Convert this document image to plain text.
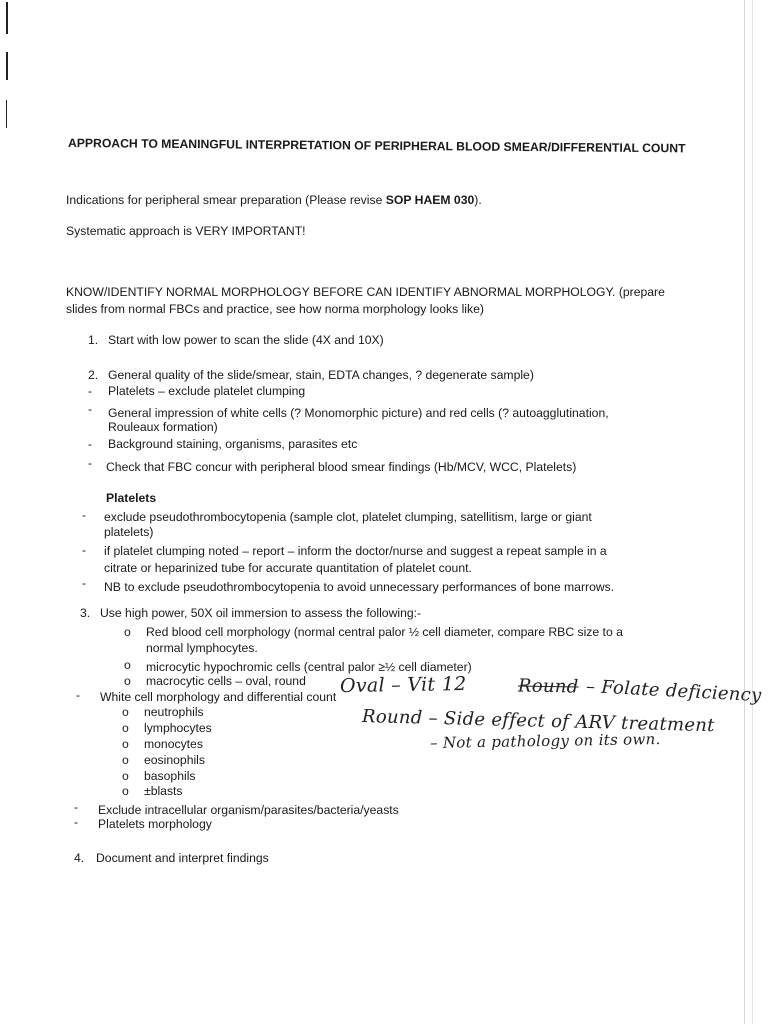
APPROACH TO MEANINGFUL INTERPRETATION OF PERIPHERAL BLOOD SMEAR/DIFFERENTIAL COUNT
Indications for peripheral smear preparation (Please revise SOP HAEM 030).
Systematic approach is VERY IMPORTANT!
KNOW/IDENTIFY NORMAL MORPHOLOGY BEFORE CAN IDENTIFY ABNORMAL MORPHOLOGY. (prepare
slides from normal FBCs and practice, see how norma morphology looks like)
1. Start with low power to scan the slide (4X and 10X)
2. General quality of the slide/smear, stain, EDTA changes, ? degenerate sample)
- Platelets – exclude platelet clumping
- General impression of white cells (? Monomorphic picture) and red cells (? autoagglutination,
Rouleaux formation)
- Background staining, organisms, parasites etc
- Check that FBC concur with peripheral blood smear findings (Hb/MCV, WCC, Platelets)
Platelets
- exclude pseudothrombocytopenia (sample clot, platelet clumping, satellitism, large or giant
platelets)
- if platelet clumping noted – report – inform the doctor/nurse and suggest a repeat sample in a
citrate or heparinized tube for accurate quantitation of platelet count.
- NB to exclude pseudothrombocytopenia to avoid unnecessary performances of bone marrows.
3. Use high power, 50X oil immersion to assess the following:-
o Red blood cell morphology (normal central palor ½ cell diameter, compare RBC size to a
normal lymphocytes.
o microcytic hypochromic cells (central palor ≥½ cell diameter)
o macrocytic cells – oval, round
- White cell morphology and differential count
o neutrophils
o lymphocytes
o monocytes
o eosinophils
o basophils
o ±blasts
- Exclude intracellular organism/parasites/bacteria/yeasts
- Platelets morphology
4. Document and interpret findings
Oval – Vit 12	Round – Folate deficiency
Round – Side effect of ARV treatment
– Not a pathology on its own.
